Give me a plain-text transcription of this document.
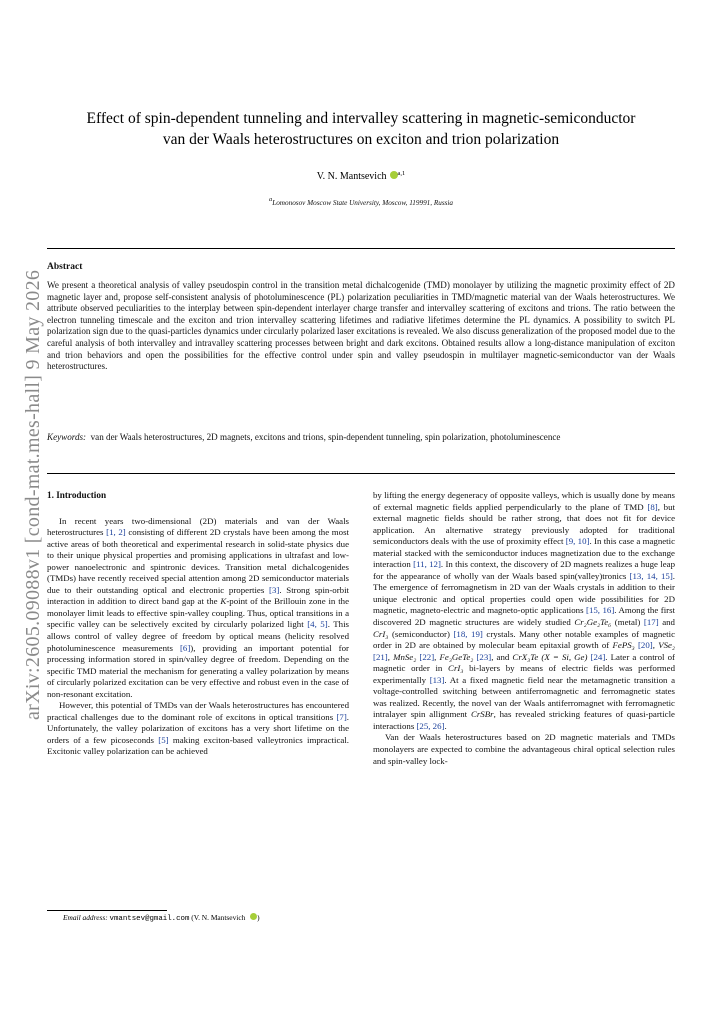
arXiv:2605.09088v1 [cond-mat.mes-hall] 9 May 2026
Effect of spin-dependent tunneling and intervalley scattering in magnetic-semiconductor
van der Waals heterostructures on exciton and trion polarization
V. N. Mantsevich $^{a,1}$
aLomonosov Moscow State University, Moscow, 119991, Russia
Abstract
We present a theoretical analysis of valley pseudospin control in the transition metal dichalcogenide (TMD) monolayer by utilizing the magnetic proximity effect of 2D magnetic layer and, propose self-consistent analysis of photoluminescence (PL) polarization peculiarities in TMD/magnetic material van der Waals heterostructures. We attribute observed peculiarities to the interplay between spin-dependent interlayer charge transfer and intervalley scattering of excitons and trions. The ratio between the electron tunneling timescale and the exciton and trion intervalley scattering lifetimes and radiative lifetimes determine the PL dynamics. A possibility to switch PL polarization sign due to the quasi-particles dynamics under circularly polarized laser excitations is revealed. We also discuss generalization of the proposed model due to the careful analysis of both intervalley and intravalley scattering processes between bright and dark excitons. Obtained results allow a long-distance manipulation of exciton and trion behaviors and open the possibilities for the effective control under spin and valley pseudospin in multilayer magnetic-semiconductor van der Waals heterostructures.
Keywords: van der Waals heterostructures, 2D magnets, excitons and trions, spin-dependent tunneling, spin polarization, photoluminescence
1. Introduction

In recent years two-dimensional (2D) materials and van der Waals heterostructures [1, 2] consisting of different 2D crystals have been among the most active areas of both theoretical and experimental research in solid-state physics due to their unique physical properties and promising applications in ultrafast and low-power nanoelectronic and spintronic devices. Transition metal dichalcogenides (TMDs) have recently received special attention among 2D semiconductor materials due to their outstanding optical and electronic properties [3]. Strong spin-orbit interaction in addition to direct band gap at the K-point of the Brillouin zone in the monolayer limit leads to effective spin-valley coupling. Thus, optical transitions in a specific valley can be selectively excited by circularly polarized light [4, 5]. This allows control of valley degree of freedom by optical means (helicity resolved photoluminescence measurements [6]), providing an important potential for processing information stored in spin/valley degree of freedom. Depending on the specific TMD material the mechanism for generating a valley polarization by means of circularly polarized excitation can be very effective and robust even in the case of non-resonant excitation.

However, this potential of TMDs van der Waals heterostructures has encountered practical challenges due to the dominant role of excitons in optical transitions [7]. Unfortunately, the valley polarization of excitons has a very short lifetime on the orders of a few picoseconds [5] making exciton-based valleytronics impractical. Excitonic valley polarization can be achieved

by lifting the energy degeneracy of opposite valleys, which is usually done by means of external magnetic fields applied perpendicularly to the plane of TMD [8], but external magnetic fields should be rather strong, that does not fit for device application. An alternative strategy previously adopted for traditional semiconductors deals with the use of proximity effect [9, 10]. In this case a magnetic material stacked with the semiconductor induces magnetization due to the exchange interaction [11, 12]. In this context, the discovery of 2D magnets realizes a huge leap for the appearance of wholly van der Waals based spin(valley)tronics [13, 14, 15]. The emergence of ferromagnetism in 2D van der Waals crystals in addition to their unique electronic and optical properties could open wide possibilities for 2D magnetic, magneto-electric and magneto-optic applications [15, 16]. Among the first discovered 2D magnetic structures are widely studied Cr₂Ge₂Te₆ (metal) [17] and CrI₃ (semiconductor) [18, 19] crystals. Many other notable examples of magnetic order in 2D are obtained by molecular beam epitaxial growth of FePS₃ [20], VSe₂ [21], MnSe₂ [22], Fe₃GeTe₂ [23], and CrX₃Te (X = Si, Ge) [24]. Later a control of magnetic order in CrI₃ bi-layers by means of electric fields was performed experimentally [13]. At a fixed magnetic field near the metamagnetic transition a voltage-controlled switching between antiferromagnetic and ferromagnetic states was realized. Recently, the novel van der Waals antiferromagnet with ferromagnetic intralayer spin allignment CrSBr, has revealed stricking features of quasi-particle interactions [25, 26].

Van der Waals heterostructures based on 2D magnetic materials and TMDs monolayers are expected to combine the advantageous chiral optical selection rules and spin-valley lock-

Email address: vmantsev@gmail.com (V. N. Mantsevich )
